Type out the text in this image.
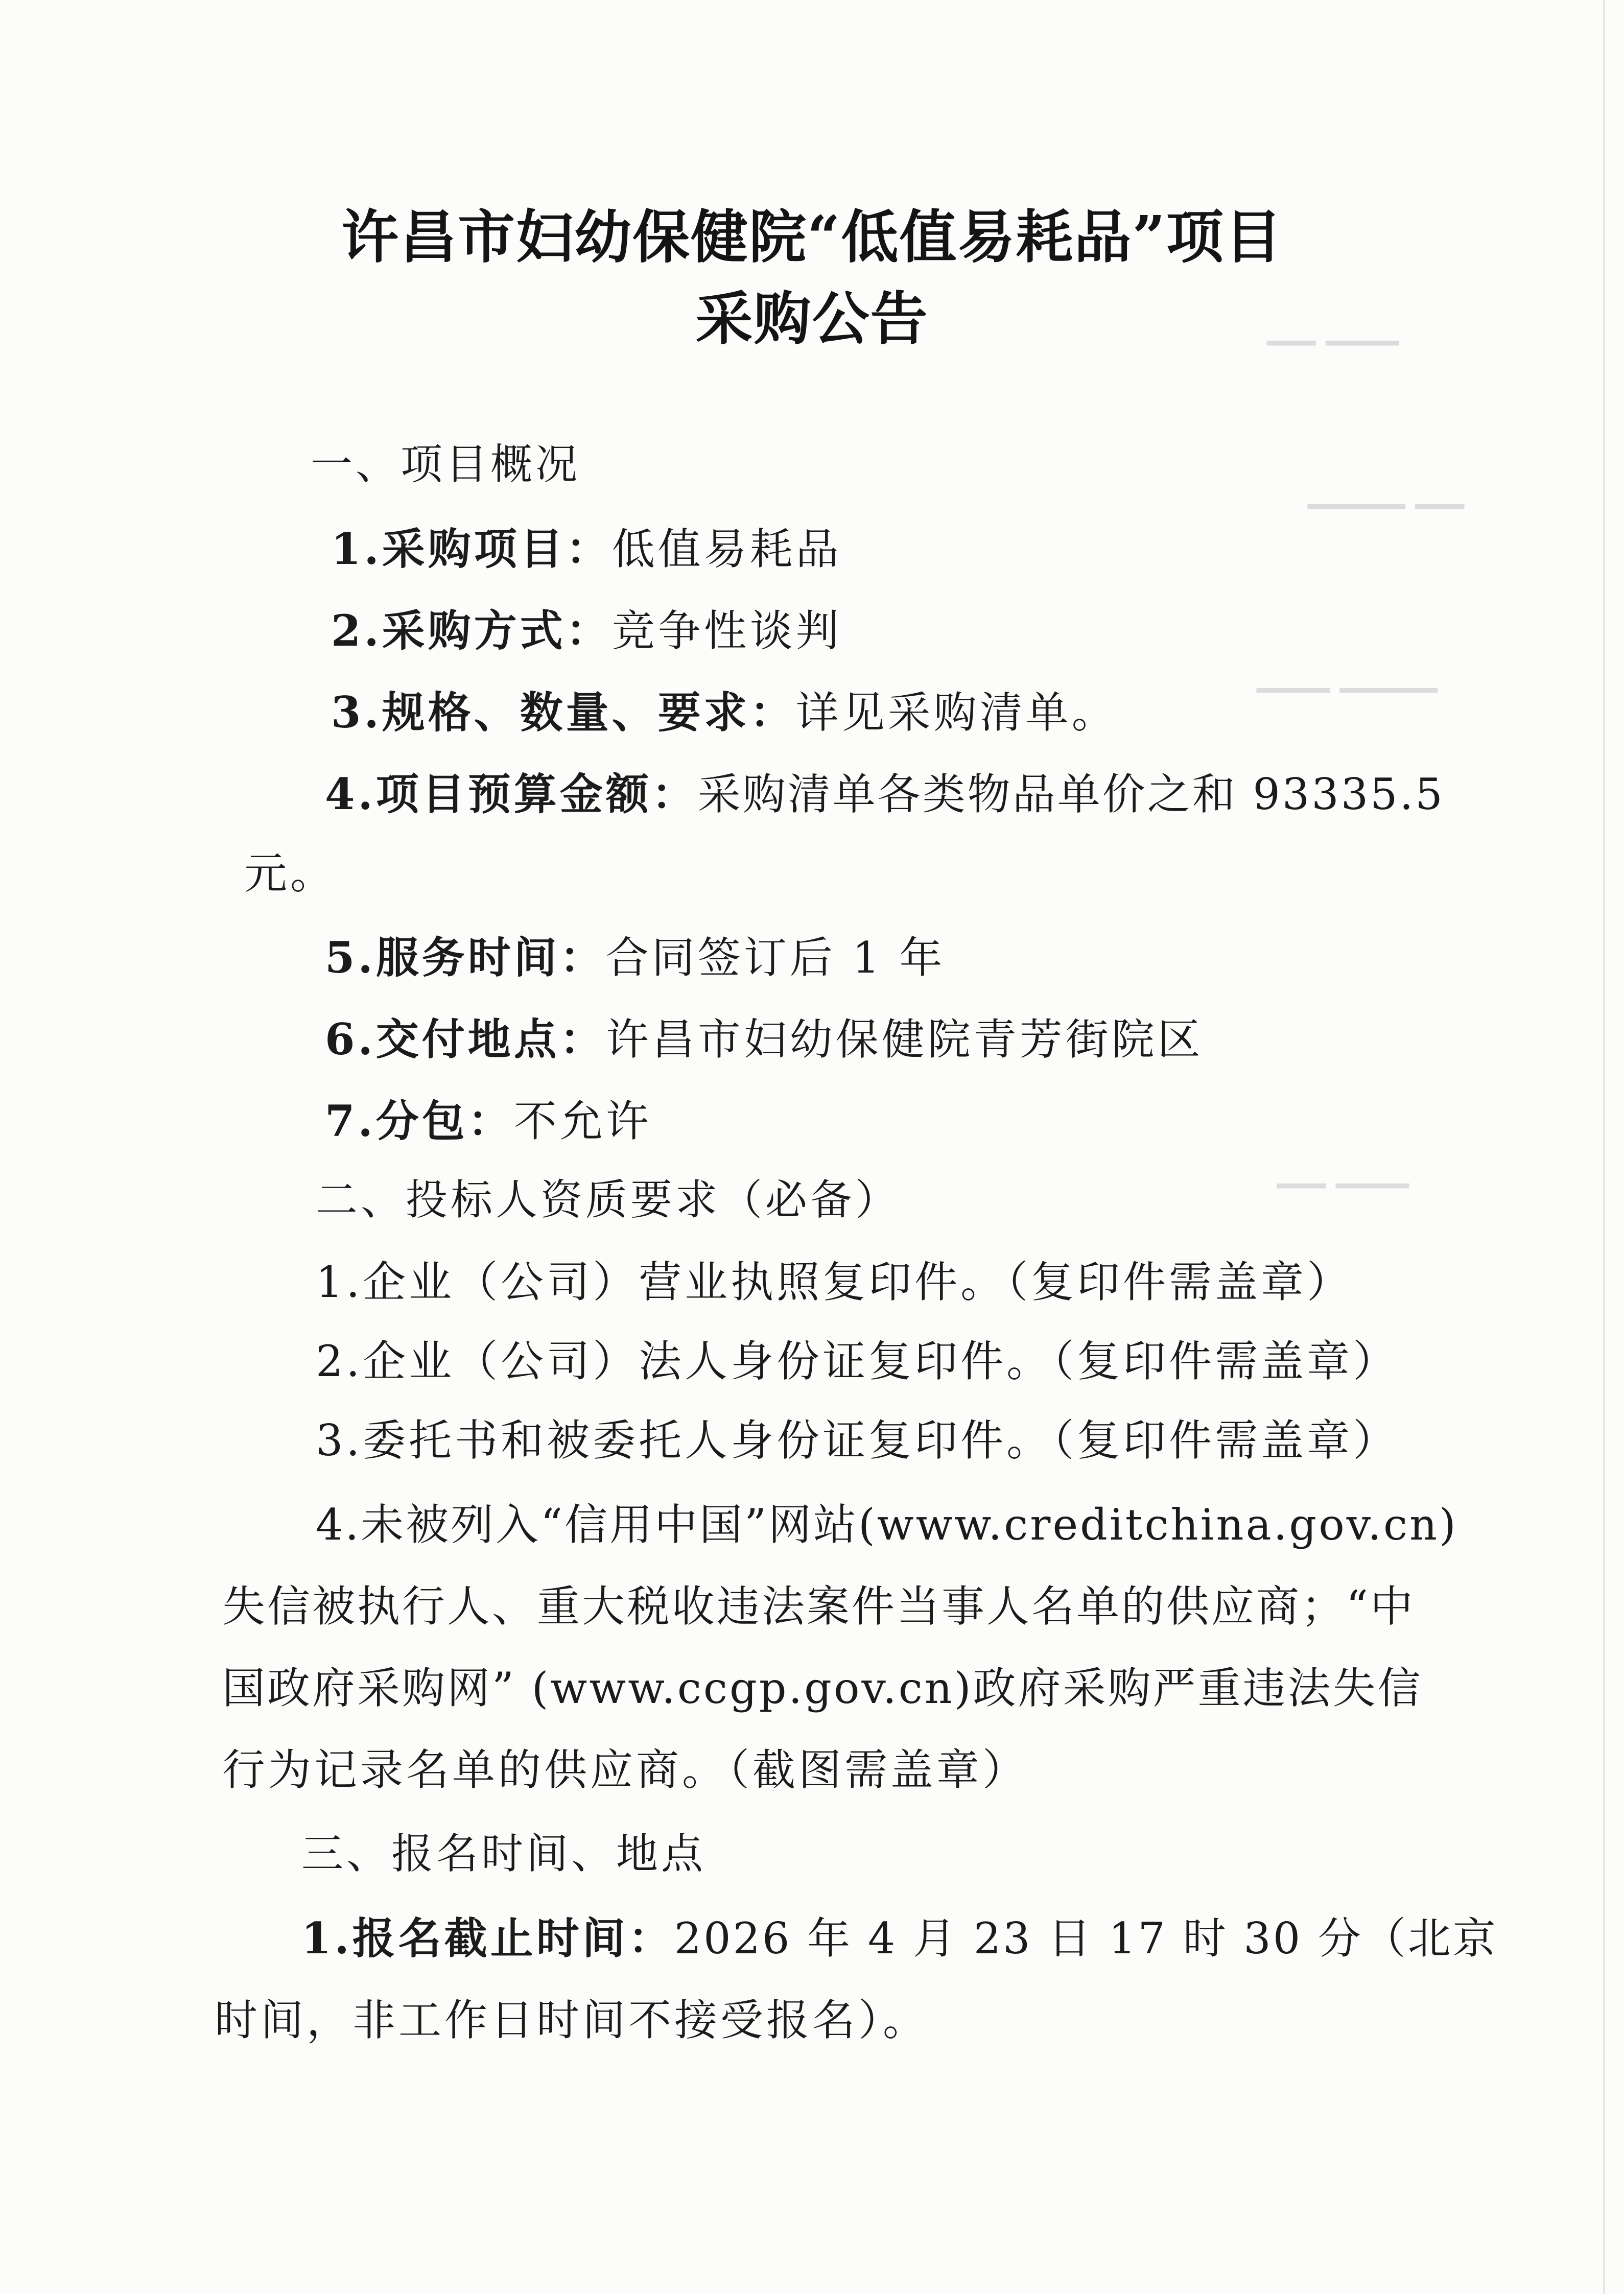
▁▁ ▁▁▁
▁▁▁▁ ▁▁
▁▁▁ ▁▁▁▁
▁▁ ▁▁▁
许昌市妇幼保健院“低值易耗品”项目
采购公告
一、项目概况
1.采购项目：低值易耗品
2.采购方式：竞争性谈判
3.规格、数量、要求：详见采购清单。
4.项目预算金额：采购清单各类物品单价之和 93335.5
元。
5.服务时间：合同签订后 1 年
6.交付地点：许昌市妇幼保健院青芳街院区
7.分包：不允许
二、投标人资质要求（必备）
1.企业（公司）营业执照复印件。（复印件需盖章）
2.企业（公司）法人身份证复印件。（复印件需盖章）
3.委托书和被委托人身份证复印件。（复印件需盖章）
4.未被列入“信用中国”网站(www.creditchina.gov.cn)
失信被执行人、重大税收违法案件当事人名单的供应商；“中
国政府采购网” (www.ccgp.gov.cn)政府采购严重违法失信
行为记录名单的供应商。（截图需盖章）
三、报名时间、地点
1.报名截止时间：2026 年 4 月 23 日 17 时 30 分（北京
时间，非工作日时间不接受报名）。
